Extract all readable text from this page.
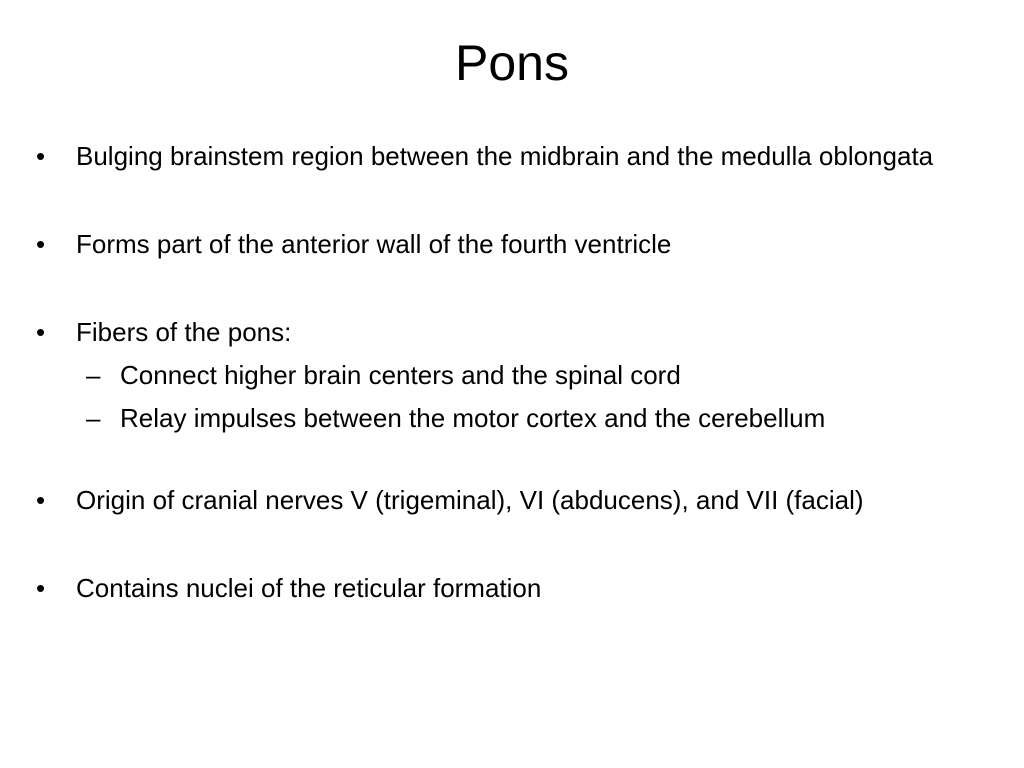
Pons
•	Bulging brainstem region between the midbrain and the medulla oblongata
•	Forms part of the anterior wall of the fourth ventricle
•	Fibers of the pons:
– Connect higher brain centers and the spinal cord
– Relay impulses between the motor cortex and the cerebellum
•	Origin of cranial nerves V (trigeminal), VI (abducens), and VII (facial)
•	Contains nuclei of the reticular formation
